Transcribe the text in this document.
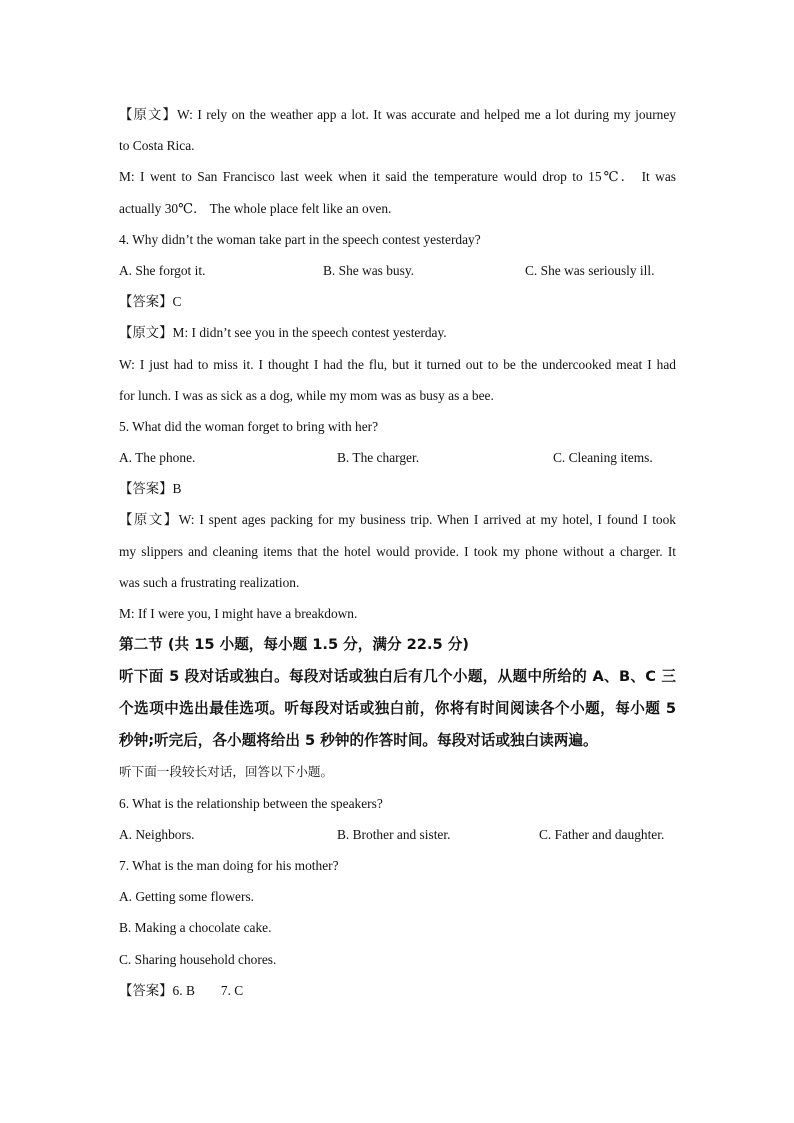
【原文】W: I rely on the weather app a lot. It was accurate and helped me a lot during my journey
to Costa Rica.
M: I went to San Francisco last week when it said the temperature would drop to 15℃． It was
actually 30℃． The whole place felt like an oven.
4. Why didn’t the woman take part in the speech contest yesterday?
A. She forgot it.	B. She was busy.	C. She was seriously ill.
【答案】C
【原文】M: I didn’t see you in the speech contest yesterday.
W: I just had to miss it. I thought I had the flu, but it turned out to be the undercooked meat I had
for lunch. I was as sick as a dog, while my mom was as busy as a bee.
5. What did the woman forget to bring with her?
A. The phone.	B. The charger.	C. Cleaning items.
【答案】B
【原文】W: I spent ages packing for my business trip. When I arrived at my hotel, I found I took
my slippers and cleaning items that the hotel would provide. I took my phone without a charger. It
was such a frustrating realization.
M: If I were you, I might have a breakdown.
第二节 (共 15 小题，每小题 1.5 分，满分 22.5 分)
听下面 5 段对话或独白。每段对话或独白后有几个小题，从题中所给的 A、B、C 三个选项中选出最佳选项。听每段对话或独白前，你将有时间阅读各个小题，每小题 5 秒钟;听完后，各小题将给出 5 秒钟的作答时间。每段对话或独白读两遍。
听下面一段较长对话，回答以下小题。
6. What is the relationship between the speakers?
A. Neighbors.	B. Brother and sister.	C. Father and daughter.
7. What is the man doing for his mother?
A. Getting some flowers.
B. Making a chocolate cake.
C. Sharing household chores.
【答案】6. B 7. C
